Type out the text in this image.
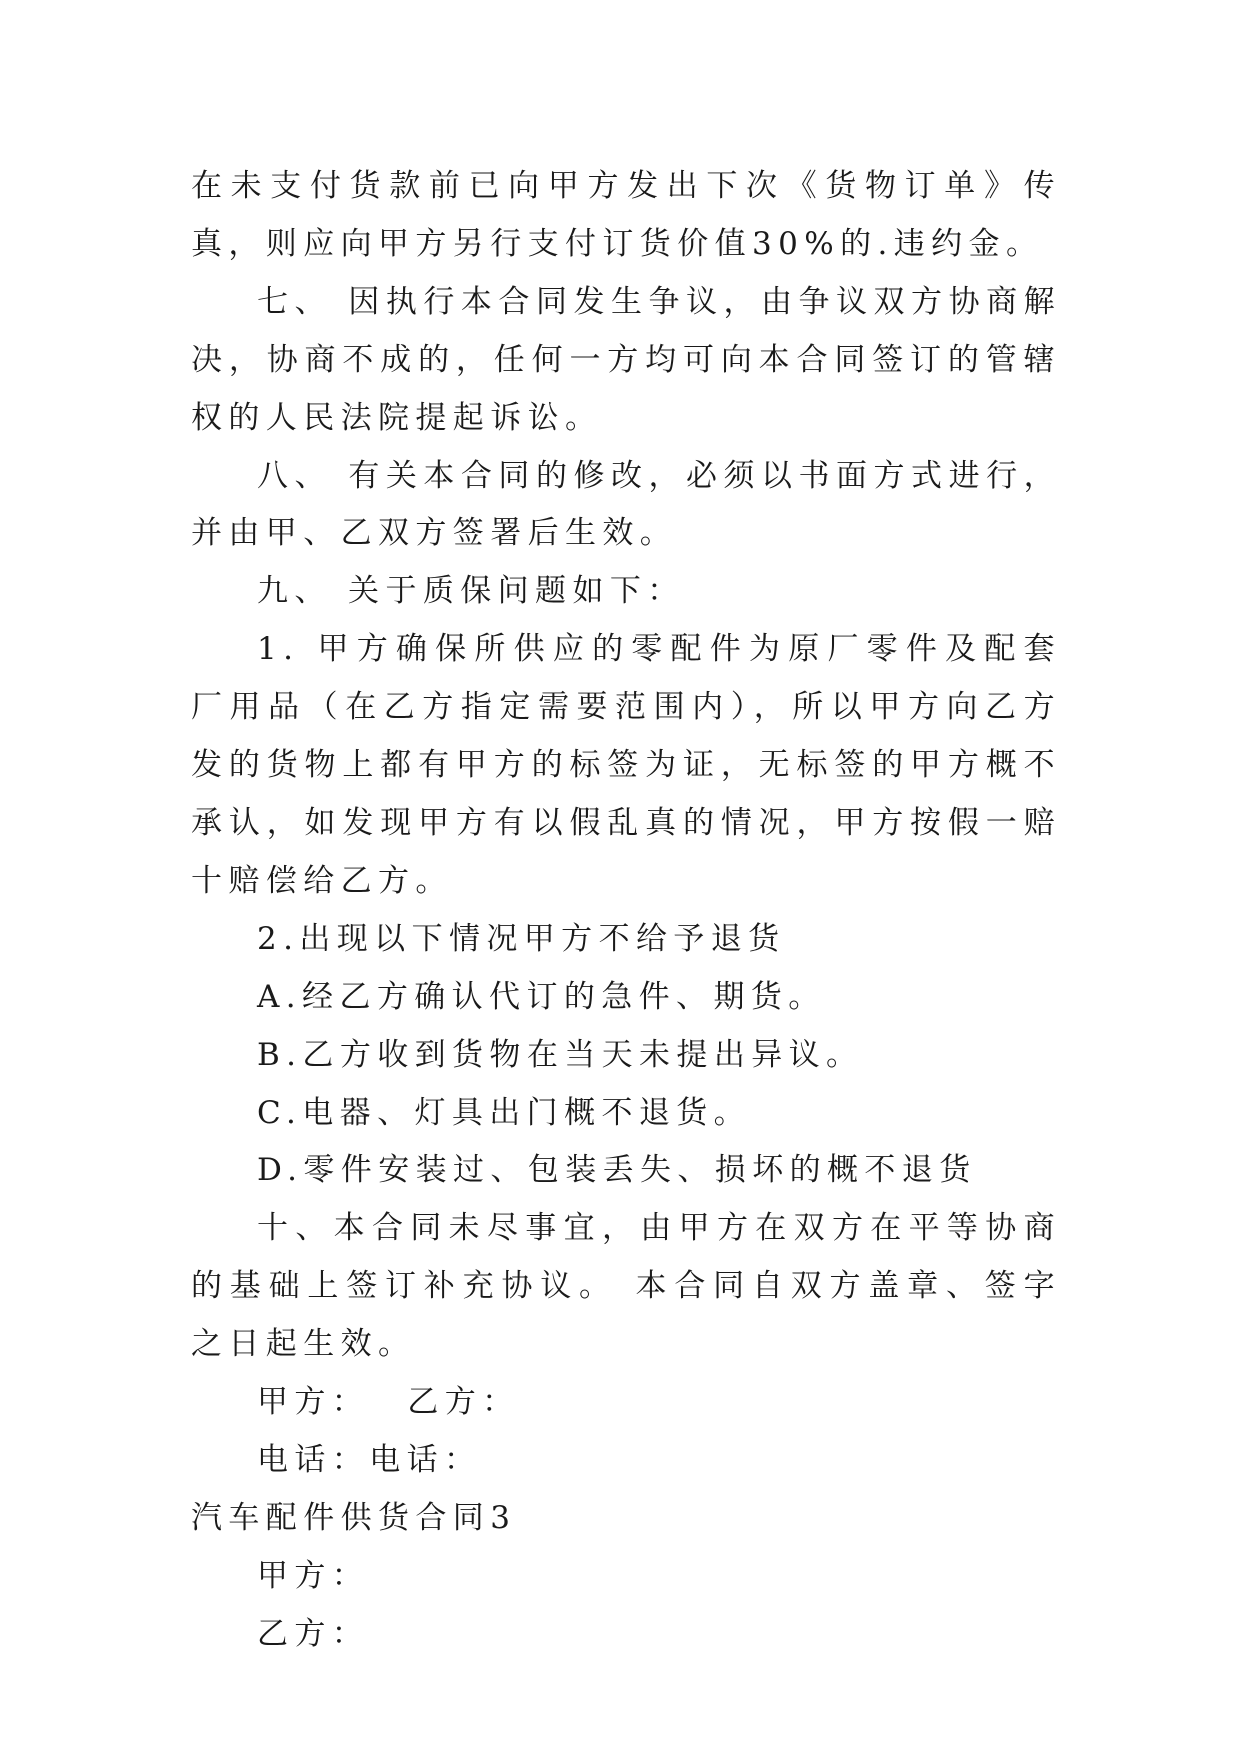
在未支付货款前已向甲方发出下次《货物订单》传真，则应向甲方另行支付订货价值30%的.违约金。

七、 因执行本合同发生争议，由争议双方协商解决，协商不成的，任何一方均可向本合同签订的管辖权的人民法院提起诉讼。

八、 有关本合同的修改，必须以书面方式进行，并由甲、乙双方签署后生效。

九、 关于质保问题如下：

1. 甲方确保所供应的零配件为原厂零件及配套厂用品（在乙方指定需要范围内），所以甲方向乙方发的货物上都有甲方的标签为证，无标签的甲方概不承认，如发现甲方有以假乱真的情况，甲方按假一赔十赔偿给乙方。

2.出现以下情况甲方不给予退货

A.经乙方确认代订的急件、期货。

B.乙方收到货物在当天未提出异议。

C.电器、灯具出门概不退货。

D.零件安装过、包装丢失、损坏的概不退货

十、本合同未尽事宜，由甲方在双方在平等协商的基础上签订补充协议。 本合同自双方盖章、签字之日起生效。

甲方：　 乙方：

电话：电话：

汽车配件供货合同3

甲方：

乙方：
